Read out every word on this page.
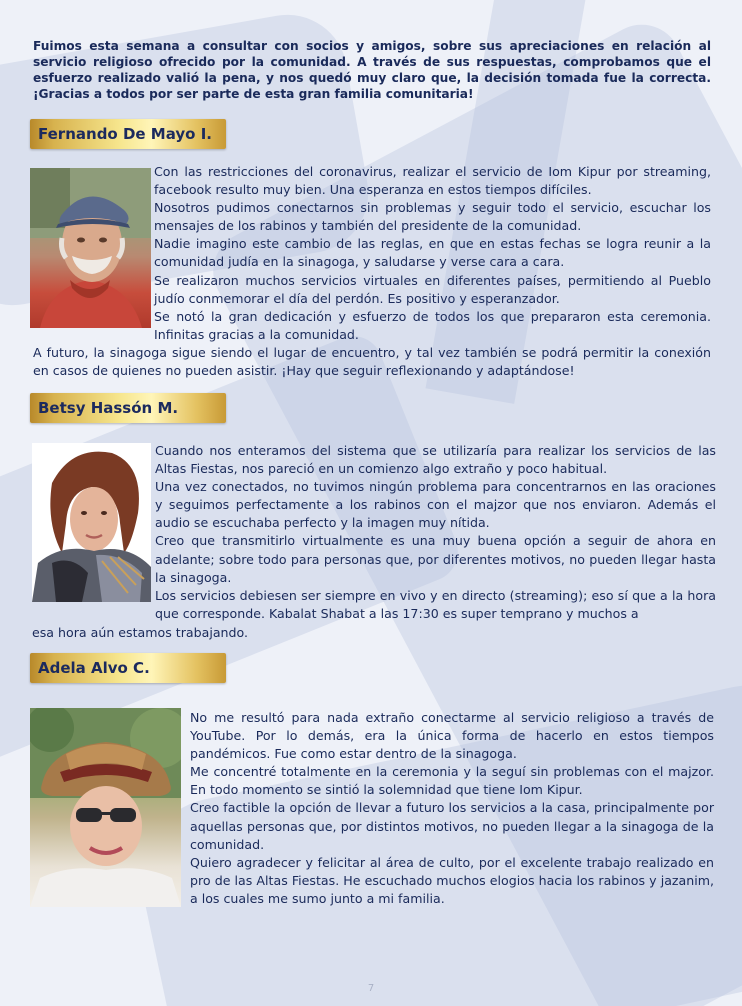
Fuimos esta semana a consultar con socios y amigos, sobre sus apreciaciones en relación al servicio religioso ofrecido por la comunidad. A través de sus respuestas, comprobamos que el esfuerzo realizado valió la pena, y nos quedó muy claro que, la decisión tomada fue la correcta. ¡Gracias a todos por ser parte de esta gran familia comunitaria!

Fernando De Mayo I.

Con las restricciones del coronavirus, realizar el servicio de Iom Kipur por streaming, facebook resulto muy bien. Una esperanza en estos tiempos difíciles.

Nosotros pudimos conectarnos sin problemas y seguir todo el servicio, escuchar los mensajes de los rabinos y también del presidente de la comunidad.

Nadie imagino este cambio de las reglas, en que en estas fechas se logra reunir a la comunidad judía en la sinagoga, y saludarse y verse cara a cara.

Se realizaron muchos servicios virtuales en diferentes países, permitiendo al Pueblo judío conmemorar el día del perdón. Es positivo y esperanzador.

Se notó la gran dedicación y esfuerzo de todos los que prepararon esta ceremonia. Infinitas gracias a la comunidad.

A futuro, la sinagoga sigue siendo el lugar de encuentro, y tal vez también se podrá permitir la conexión en casos de quienes no pueden asistir. ¡Hay que seguir reflexionando y adaptándose!

Betsy Hassón M.

Cuando nos enteramos del sistema que se utilizaría para realizar los servicios de las Altas Fiestas, nos pareció en un comienzo algo extraño y poco habitual.

Una vez conectados, no tuvimos ningún problema para concentrarnos en las oraciones y seguimos perfectamente a los rabinos con el majzor que nos enviaron. Además el audio se escuchaba perfecto y la imagen muy nítida.

Creo que transmitirlo virtualmente es una muy buena opción a seguir de ahora en adelante; sobre todo para personas que, por diferentes motivos, no pueden llegar hasta la sinagoga.

Los servicios debiesen ser siempre en vivo y en directo (streaming); eso sí que a la hora que corresponde. Kabalat Shabat a las 17:30 es super temprano y muchos a

esa hora aún estamos trabajando.

Adela Alvo C.

No me resultó para nada extraño conectarme al servicio religioso a través de YouTube. Por lo demás, era la única forma de hacerlo en estos tiempos pandémicos. Fue como estar dentro de la sinagoga.

Me concentré totalmente en la ceremonia y la seguí sin problemas con el majzor. En todo momento se sintió la solemnidad que tiene Iom Kipur.

Creo factible la opción de llevar a futuro los servicios a la casa, principalmente por aquellas personas que, por distintos motivos, no pueden llegar a la sinagoga de la comunidad.

Quiero agradecer y felicitar al área de culto, por el excelente trabajo realizado en pro de las Altas Fiestas. He escuchado muchos elogios hacia los rabinos y jazanim, a los cuales me sumo junto a mi familia.

7
